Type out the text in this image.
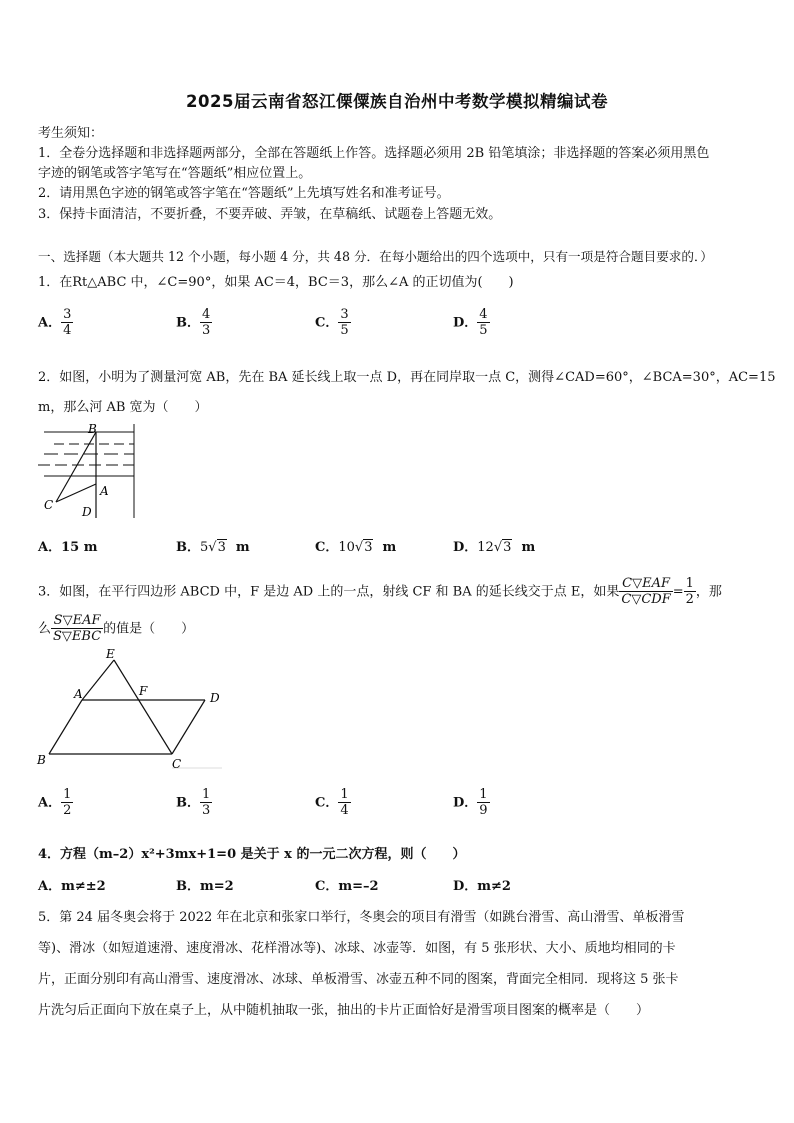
2025届云南省怒江傈僳族自治州中考数学模拟精编试卷
考生须知：
1．全卷分选择题和非选择题两部分，全部在答题纸上作答。选择题必须用 2B 铅笔填涂；非选择题的答案必须用黑色
字迹的钢笔或答字笔写在“答题纸”相应位置上。
2．请用黑色字迹的钢笔或答字笔在“答题纸”上先填写姓名和准考证号。
3．保持卡面清洁，不要折叠，不要弄破、弄皱，在草稿纸、试题卷上答题无效。
一、选择题（本大题共 12 个小题，每小题 4 分，共 48 分．在每小题给出的四个选项中，只有一项是符合题目要求的．）
1．在Rt△ABC 中，∠C=90°，如果 AC＝4，BC＝3，那么∠A 的正切值为(　　)
A． $\frac{3}{4}$	B． $\frac{4}{3}$	C． $\frac{3}{5}$	D． $\frac{4}{5}$
2．如图，小明为了测量河宽 AB，先在 BA 延长线上取一点 D，再在同岸取一点 C，测得∠CAD=60°，∠BCA=30°，AC=15
m，那么河 AB 宽为（　　）
B
A
C D
A．15 m	B．5√3 m	C．10√3 m	D．12√3 m
3．如图，在平行四边形 ABCD 中，F 是边 AD 上的一点，射线 CF 和 BA 的延长线交于点 E，如果 $\frac{\text{C▽EAF}}{\text{C▽CDF}} = \frac{1}{2}$ ，那
么 $\frac{\text{S▽EAF}}{\text{S▽EBC}}$ 的值是（　　）
E
A	F	D
B	C
A． $\frac{1}{2}$	B． $\frac{1}{3}$	C． $\frac{1}{4}$	D． $\frac{1}{9}$
4．方程（m–2）x²+3mx+1=0 是关于 x 的一元二次方程，则（　　）
A．m≠±2	B．m=2	C．m=–2	D．m≠2
5．第 24 届冬奥会将于 2022 年在北京和张家口举行，冬奥会的项目有滑雪（如跳台滑雪、高山滑雪、单板滑雪
等)、滑冰（如短道速滑、速度滑冰、花样滑冰等)、冰球、冰壶等．如图，有 5 张形状、大小、质地均相同的卡
片，正面分别印有高山滑雪、速度滑冰、冰球、单板滑雪、冰壶五种不同的图案，背面完全相同．现将这 5 张卡
片洗匀后正面向下放在桌子上，从中随机抽取一张，抽出的卡片正面恰好是滑雪项目图案的概率是（　　）
